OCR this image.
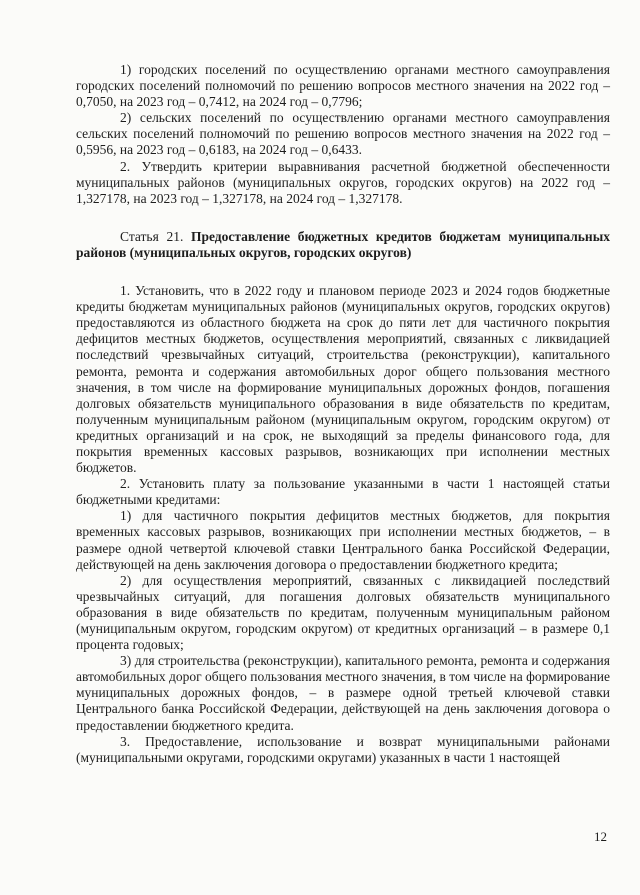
1) городских поселений по осуществлению органами местного самоуправления городских поселений полномочий по решению вопросов местного значения на 2022 год – 0,7050, на 2023 год – 0,7412, на 2024 год – 0,7796;

2) сельских поселений по осуществлению органами местного самоуправления сельских поселений полномочий по решению вопросов местного значения на 2022 год – 0,5956, на 2023 год – 0,6183, на 2024 год – 0,6433.

2. Утвердить критерии выравнивания расчетной бюджетной обеспеченности муниципальных районов (муниципальных округов, городских округов) на 2022 год – 1,327178, на 2023 год – 1,327178, на 2024 год – 1,327178.

Статья 21. Предоставление бюджетных кредитов бюджетам муниципальных районов (муниципальных округов, городских округов)

1. Установить, что в 2022 году и плановом периоде 2023 и 2024 годов бюджетные кредиты бюджетам муниципальных районов (муниципальных округов, городских округов) предоставляются из областного бюджета на срок до пяти лет для частичного покрытия дефицитов местных бюджетов, осуществления мероприятий, связанных с ликвидацией последствий чрезвычайных ситуаций, строительства (реконструкции), капитального ремонта, ремонта и содержания автомобильных дорог общего пользования местного значения, в том числе на формирование муниципальных дорожных фондов, погашения долговых обязательств муниципального образования в виде обязательств по кредитам, полученным муниципальным районом (муниципальным округом, городским округом) от кредитных организаций и на срок, не выходящий за пределы финансового года, для покрытия временных кассовых разрывов, возникающих при исполнении местных бюджетов.

2. Установить плату за пользование указанными в части 1 настоящей статьи бюджетными кредитами:

1) для частичного покрытия дефицитов местных бюджетов, для покрытия временных кассовых разрывов, возникающих при исполнении местных бюджетов, – в размере одной четвертой ключевой ставки Центрального банка Российской Федерации, действующей на день заключения договора о предоставлении бюджетного кредита;

2) для осуществления мероприятий, связанных с ликвидацией последствий чрезвычайных ситуаций, для погашения долговых обязательств муниципального образования в виде обязательств по кредитам, полученным муниципальным районом (муниципальным округом, городским округом) от кредитных организаций – в размере 0,1 процента годовых;

3) для строительства (реконструкции), капитального ремонта, ремонта и содержания автомобильных дорог общего пользования местного значения, в том числе на формирование муниципальных дорожных фондов, – в размере одной третьей ключевой ставки Центрального банка Российской Федерации, действующей на день заключения договора о предоставлении бюджетного кредита.

3. Предоставление, использование и возврат муниципальными районами (муниципальными округами, городскими округами) указанных в части 1 настоящей

12
